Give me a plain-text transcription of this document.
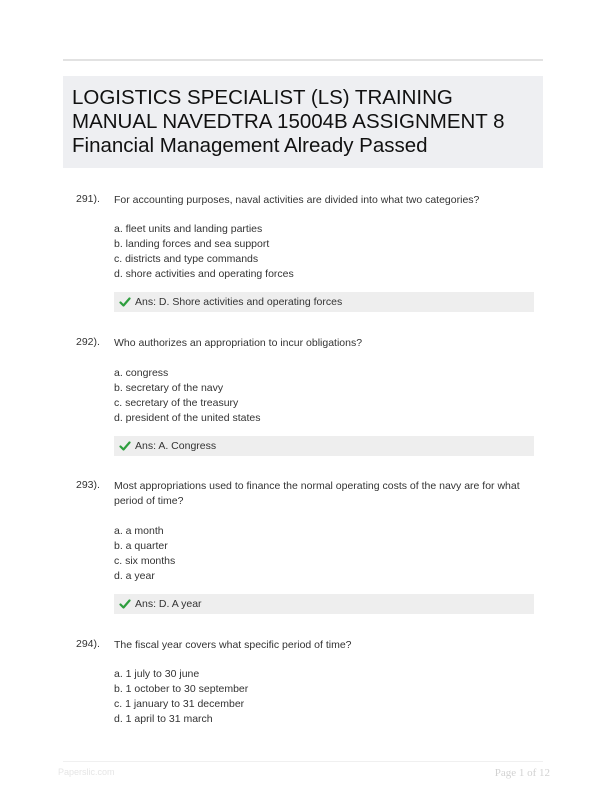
LOGISTICS SPECIALIST (LS) TRAINING MANUAL NAVEDTRA 15004B ASSIGNMENT 8 Financial Management Already Passed
291). For accounting purposes, naval activities are divided into what two categories?
a. fleet units and landing parties
b. landing forces and sea support
c. districts and type commands
d. shore activities and operating forces
Ans: D. Shore activities and operating forces
292). Who authorizes an appropriation to incur obligations?
a. congress
b. secretary of the navy
c. secretary of the treasury
d. president of the united states
Ans: A. Congress
293). Most appropriations used to finance the normal operating costs of the navy are for what period of time?
a. a month
b. a quarter
c. six months
d. a year
Ans: D. A year
294). The fiscal year covers what specific period of time?
a. 1 july to 30 june
b. 1 october to 30 september
c. 1 january to 31 december
d. 1 april to 31 march
Paperslic.com	Page 1 of 12
